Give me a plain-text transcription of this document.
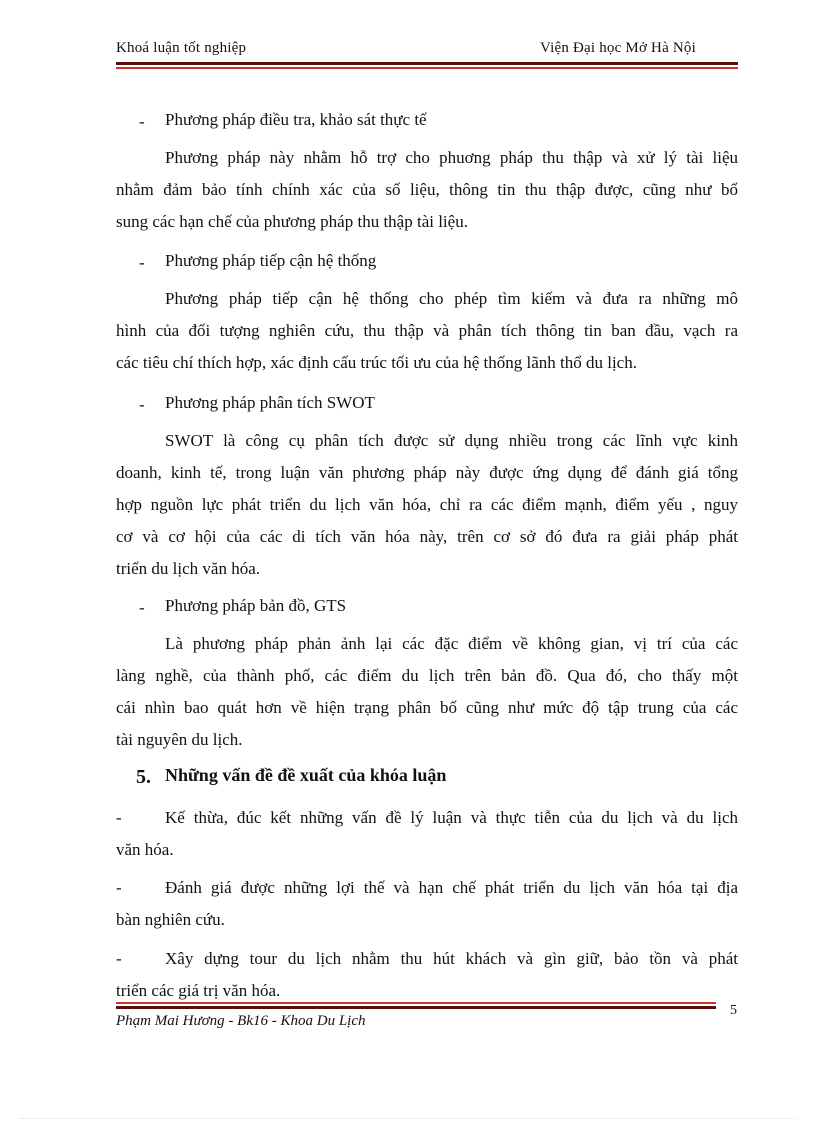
Khoá luận tốt nghiệp	Viện Đại học Mở Hà Nội
- Phương pháp điều tra, khảo sát thực tế
Phương pháp này nhằm hỗ trợ cho phuơng pháp thu thập và xử lý tài liệu
nhằm đảm bảo tính chính xác của số liệu, thông tin thu thập được, cũng như bổ
sung các hạn chế của phương pháp thu thập tài liệu.
- Phương pháp tiếp cận hệ thống
Phương pháp tiếp cận hệ thống cho phép tìm kiếm và đưa ra những mô
hình của đối tượng nghiên cứu, thu thập và phân tích thông tin ban đầu, vạch ra
các tiêu chí thích hợp, xác định cấu trúc tối ưu của hệ thống lãnh thổ du lịch.
- Phương pháp phân tích SWOT
SWOT là công cụ phân tích được sử dụng nhiều trong các lĩnh vực kinh
doanh, kinh tế, trong luận văn phương pháp này được ứng dụng để đánh giá tổng
hợp nguồn lực phát triển du lịch văn hóa, chỉ ra các điểm mạnh, điểm yếu , nguy
cơ và cơ hội của các di tích văn hóa này, trên cơ sở đó đưa ra giải pháp phát
triển du lịch văn hóa.
- Phương pháp bản đồ, GTS
Là phương pháp phản ảnh lại các đặc điểm về không gian, vị trí của các
làng nghề, của thành phố, các điểm du lịch trên bản đồ. Qua đó, cho thấy một
cái nhìn bao quát hơn về hiện trạng phân bố cũng như mức độ tập trung của các
tài nguyên du lịch.
5. Những vấn đề đề xuất của khóa luận
-	Kế thừa, đúc kết những vấn đề lý luận và thực tiễn của du lịch và du lịch
văn hóa.
-	Đánh giá được những lợi thế và hạn chế phát triển du lịch văn hóa tại địa
bàn nghiên cứu.
-	Xây dựng tour du lịch nhằm thu hút khách và gìn giữ, bảo tồn và phát
triển các giá trị văn hóa.
5
Phạm Mai Hương - Bk16 - Khoa Du Lịch
